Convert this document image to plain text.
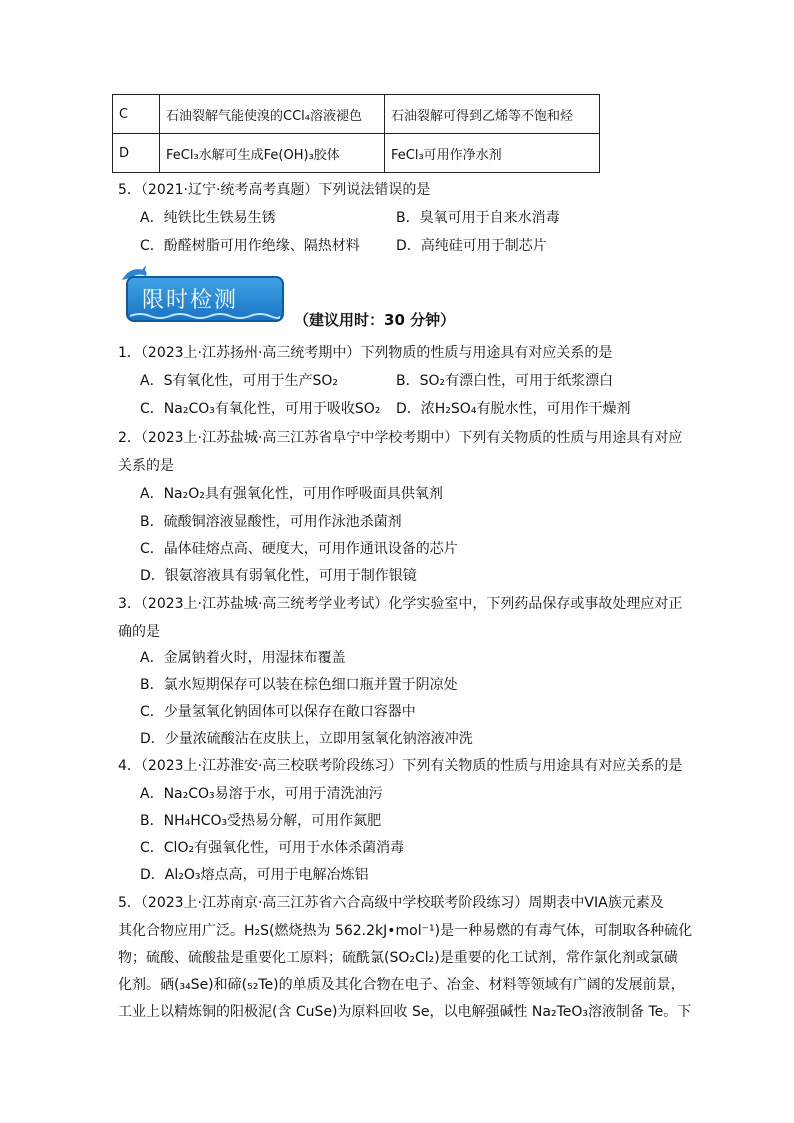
C	石油裂解气能使溴的CCl₄溶液褪色	石油裂解可得到乙烯等不饱和烃
D	FeCl₃水解可生成Fe(OH)₃胶体	FeCl₃可用作净水剂
5．（2021·辽宁·统考高考真题）下列说法错误的是
A．纯铁比生铁易生锈	B．臭氧可用于自来水消毒
C．酚醛树脂可用作绝缘、隔热材料	D．高纯硅可用于制芯片
限时检测
（建议用时：30 分钟）
1．（2023上·江苏扬州·高三统考期中）下列物质的性质与用途具有对应关系的是
A．S有氧化性，可用于生产SO₂	B．SO₂有漂白性，可用于纸浆漂白
C．Na₂CO₃有氧化性，可用于吸收SO₂ D．浓H₂SO₄有脱水性，可用作干燥剂
2．（2023上·江苏盐城·高三江苏省阜宁中学校考期中）下列有关物质的性质与用途具有对应
关系的是
A．Na₂O₂具有强氧化性，可用作呼吸面具供氧剂
B．硫酸铜溶液显酸性，可用作泳池杀菌剂
C．晶体硅熔点高、硬度大，可用作通讯设备的芯片
D．银氨溶液具有弱氧化性，可用于制作银镜
3．（2023上·江苏盐城·高三统考学业考试）化学实验室中，下列药品保存或事故处理应对正
确的是
A．金属钠着火时，用湿抹布覆盖
B．氯水短期保存可以装在棕色细口瓶并置于阴凉处
C．少量氢氧化钠固体可以保存在敞口容器中
D．少量浓硫酸沾在皮肤上，立即用氢氧化钠溶液冲洗
4．（2023上·江苏淮安·高三校联考阶段练习）下列有关物质的性质与用途具有对应关系的是
A．Na₂CO₃易溶于水，可用于清洗油污
B．NH₄HCO₃受热易分解，可用作氮肥
C．ClO₂有强氧化性，可用于水体杀菌消毒
D．Al₂O₃熔点高，可用于电解冶炼铝
5．（2023上·江苏南京·高三江苏省六合高级中学校联考阶段练习）周期表中VIA族元素及
其化合物应用广泛。H₂S(燃烧热为 562.2kJ•mol⁻¹)是一种易燃的有毒气体，可制取各种硫化
物；硫酸、硫酸盐是重要化工原料；硫酰氯(SO₂Cl₂)是重要的化工试剂，常作氯化剂或氯磺
化剂。硒(₃₄Se)和碲(₅₂Te)的单质及其化合物在电子、冶金、材料等领域有广阔的发展前景，
工业上以精炼铜的阳极泥(含 CuSe)为原料回收 Se，以电解强碱性 Na₂TeO₃溶液制备 Te。下
